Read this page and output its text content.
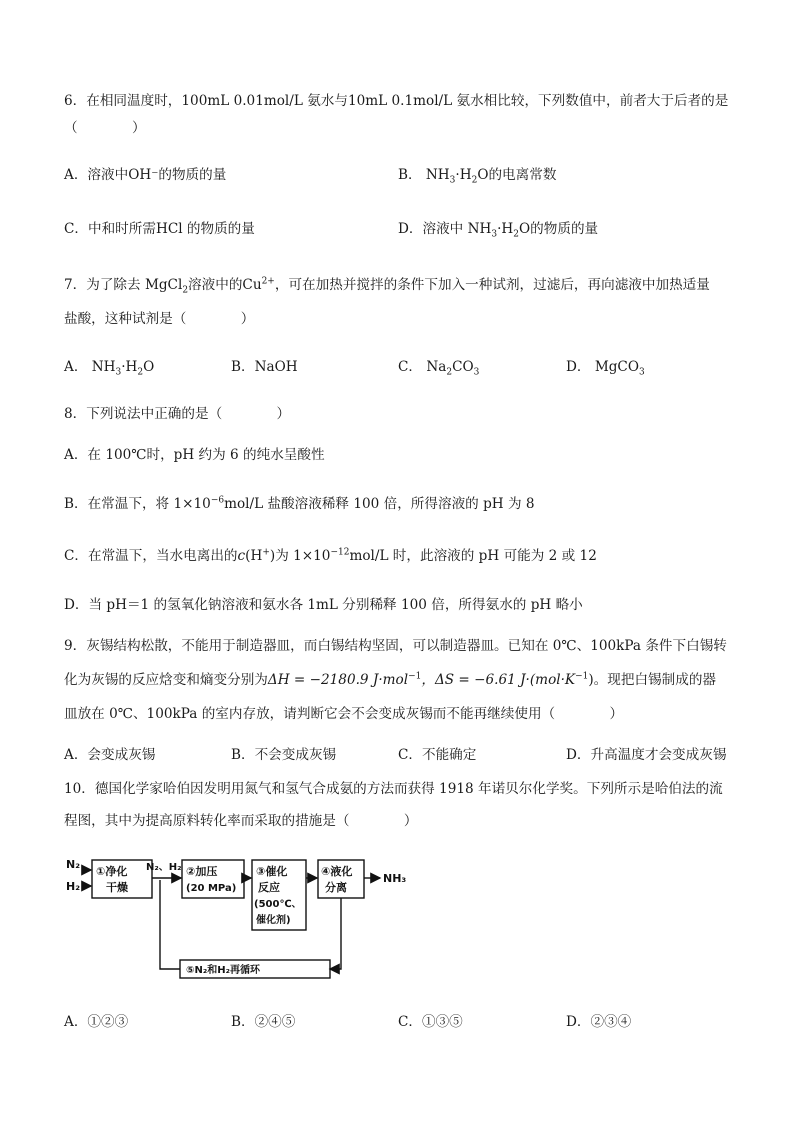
6．在相同温度时，100mL 0.01mol/L 氨水与10mL 0.1mol/L 氨水相比较，下列数值中，前者大于后者的是
（　　　　）
A．溶液中OH⁻的物质的量	B． $NH_3\cdot H_2O$的电离常数
C．中和时所需HCl 的物质的量	D．溶液中 $NH_3\cdot H_2O$的物质的量
7．为了除去 MgCl$_2$溶液中的$Cu^{2+}$，可在加热并搅拌的条件下加入一种试剂，过滤后，再向滤液中加热适量
盐酸，这种试剂是（　　　　）
A． $NH_3\cdot H_2O$	B．NaOH	C． $Na_2CO_3$	D． MgCO$_3$
8．下列说法中正确的是（　　　　）
A．在 100℃时，pH 约为 6 的纯水呈酸性
B．在常温下，将 $1\times 10^{-6}mol/L$ 盐酸溶液稀释 100 倍，所得溶液的 pH 为 8
C．在常温下，当水电离出的c(H+)为 $1\times 10^{-12}mol/L$ 时，此溶液的 pH 可能为 2 或 12
D．当 pH＝1 的氢氧化钠溶液和氨水各 1mL 分别稀释 100 倍，所得氨水的 pH 略小
9．灰锡结构松散，不能用于制造器皿，而白锡结构坚固，可以制造器皿。已知在 0℃、100kPa 条件下白锡转
化为灰锡的反应焓变和熵变分别为ΔH = −2180.9 J·mol$^{-1}$，ΔS = −6.61 $J\cdot(mol\cdot K^{-1})$。现把白锡制成的器
皿放在 0℃、100kPa 的室内存放，请判断它会不会变成灰锡而不能再继续使用（　　　　）
A．会变成灰锡	B．不会变成灰锡	C．不能确定	D．升高温度才会变成灰锡
10．德国化学家哈伯因发明用氮气和氢气合成氨的方法而获得 1918 年诺贝尔化学奖。下列所示是哈伯法的流
程图，其中为提高原料转化率而采取的措施是（　　　　）
N₂
H₂
①净化
干燥
N₂、H₂ ②加压
(20 MPa)
③催化
反应
(500℃、
催化剂)
④液化
分离
NH₃
⑤N₂和H₂再循环
A．①②③	B．②④⑤	C．①③⑤	D．②③④
